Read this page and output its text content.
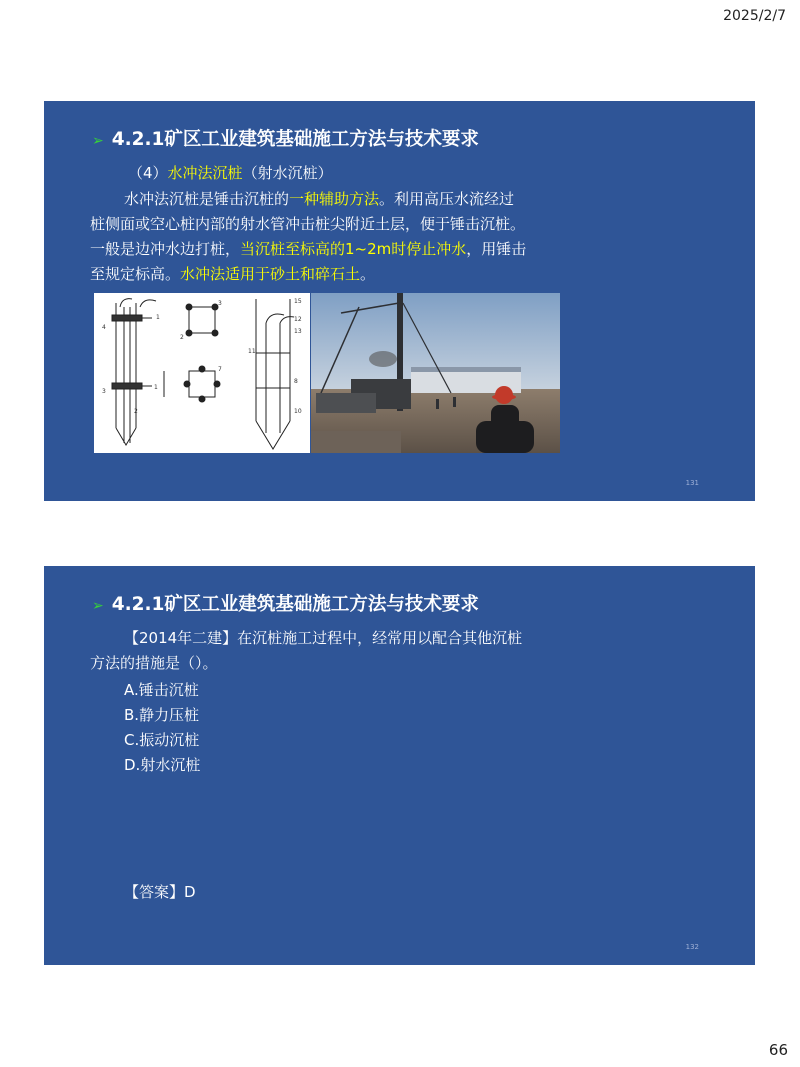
2025/2/7
➢ 4.2.1矿区工业建筑基础施工方法与技术要求
（4）水冲法沉桩（射水沉桩）
水冲法沉桩是锤击沉桩的一种辅助方法。利用高压水流经过
桩侧面或空心桩内部的射水管冲击桩尖附近土层，便于锤击沉桩。
一般是边冲水边打桩，当沉桩至标高的1~2m时停止冲水，用锤击
至规定标高。水冲法适用于砂土和碎石土。
4
1
3
1
2
3
2
7
15
12
13
11
8
10
131
➢ 4.2.1矿区工业建筑基础施工方法与技术要求
【2014年二建】在沉桩施工过程中，经常用以配合其他沉桩
方法的措施是（）。
A.锤击沉桩
B.静力压桩
C.振动沉桩
D.射水沉桩
【答案】D
132
66
